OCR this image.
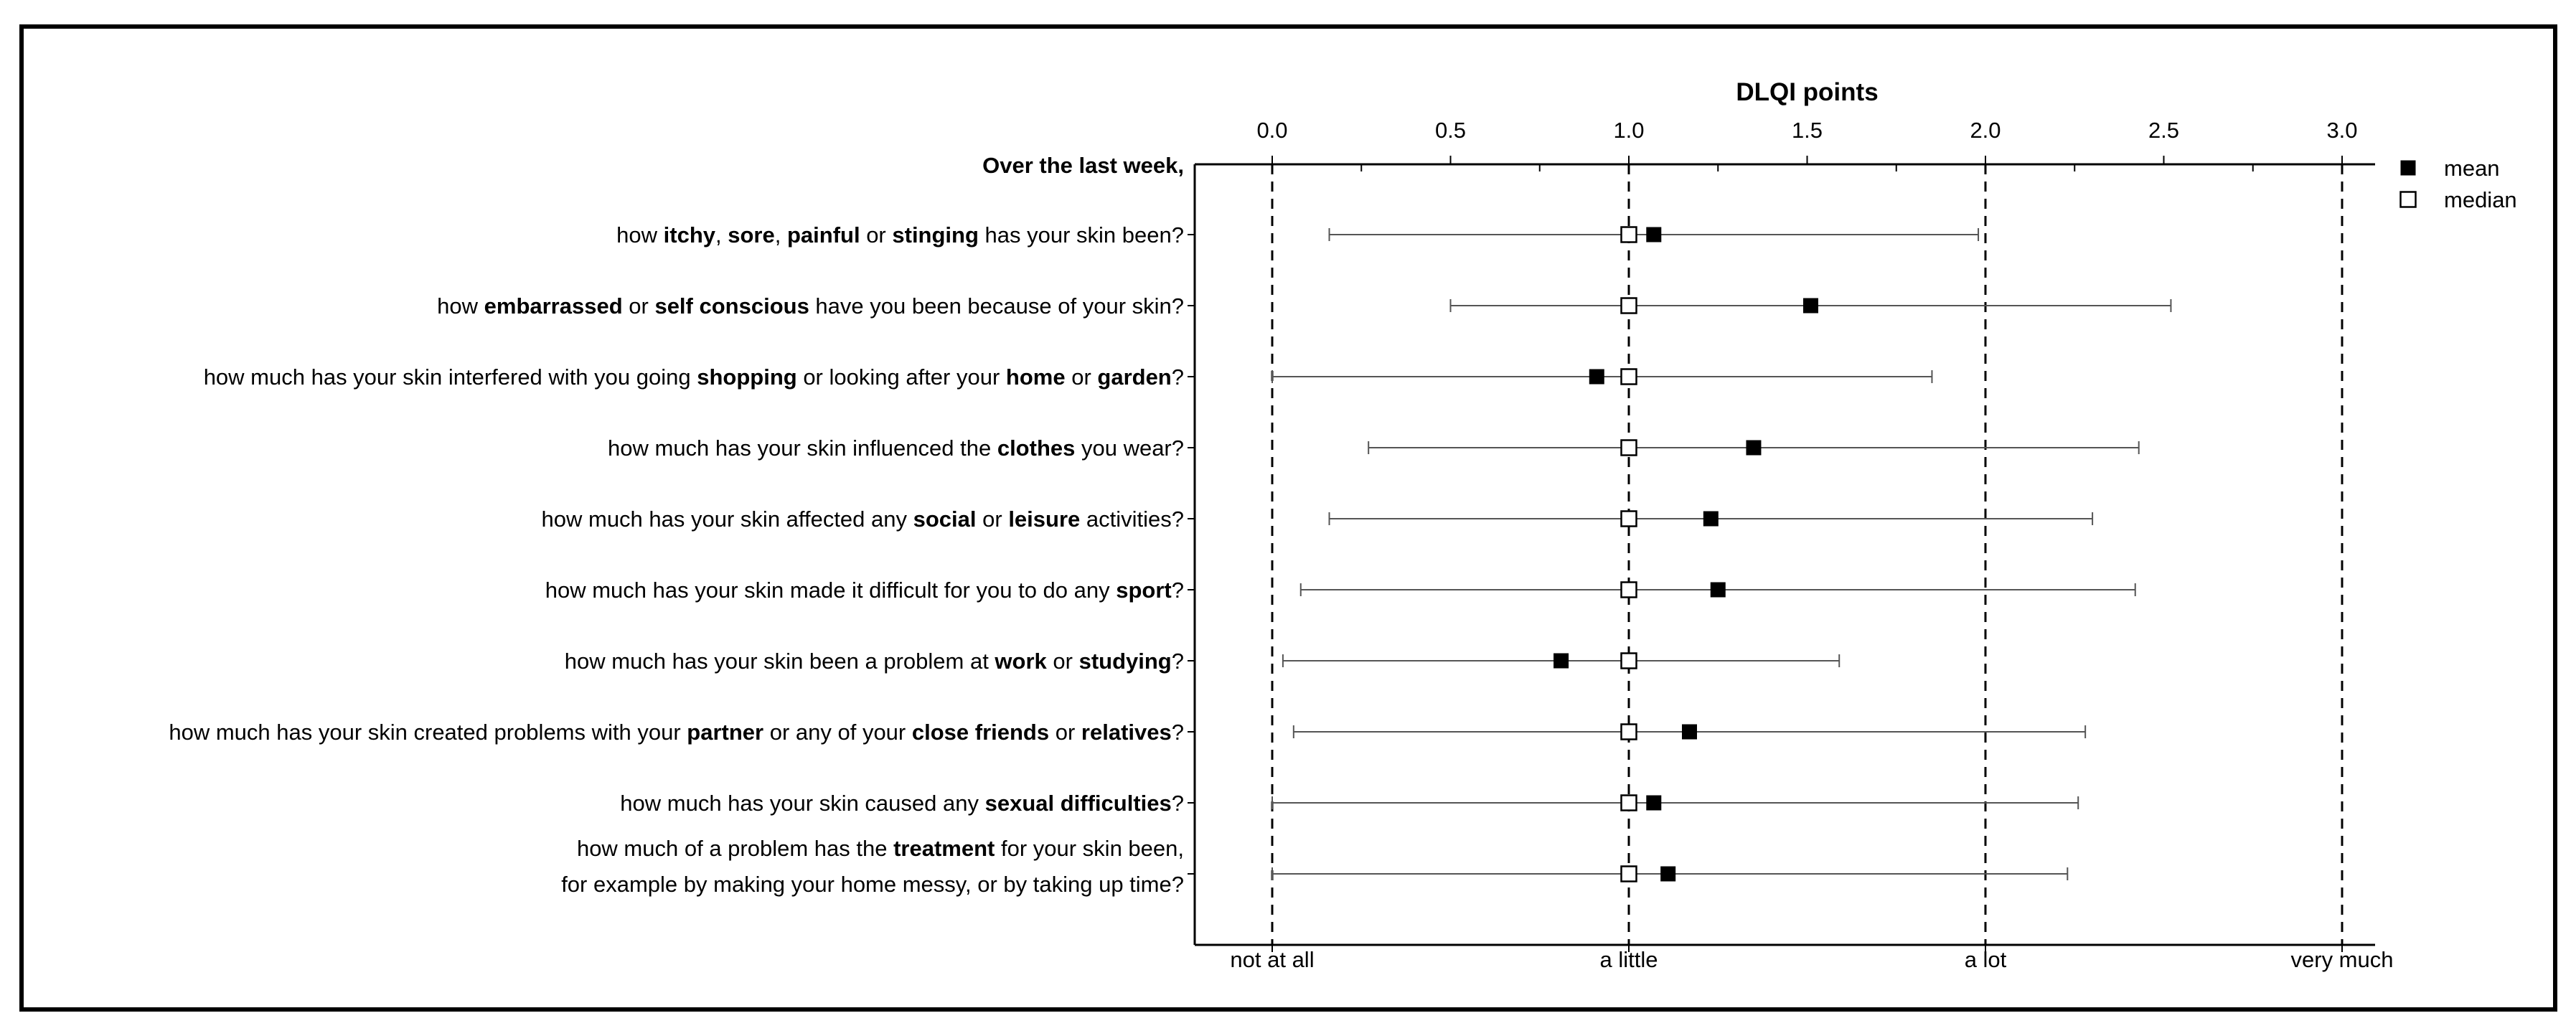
DLQI points
0.0	0.5	1.0	1.5	2.0	2.5	3.0
not at all	a little	a lot	very much
Over the last week,
how itchy, sore, painful or stinging has your skin been?
how embarrassed or self conscious have you been because of your skin?
how much has your skin interfered with you going shopping or looking after your home or garden?
how much has your skin influenced the clothes you wear?
how much has your skin affected any social or leisure activities?
how much has your skin made it difficult for you to do any sport?
how much has your skin been a problem at work or studying?
how much has your skin created problems with your partner or any of your close friends or relatives?
how much has your skin caused any sexual difficulties?
how much of a problem has the treatment for your skin been,
for example by making your home messy, or by taking up time?
mean
median
